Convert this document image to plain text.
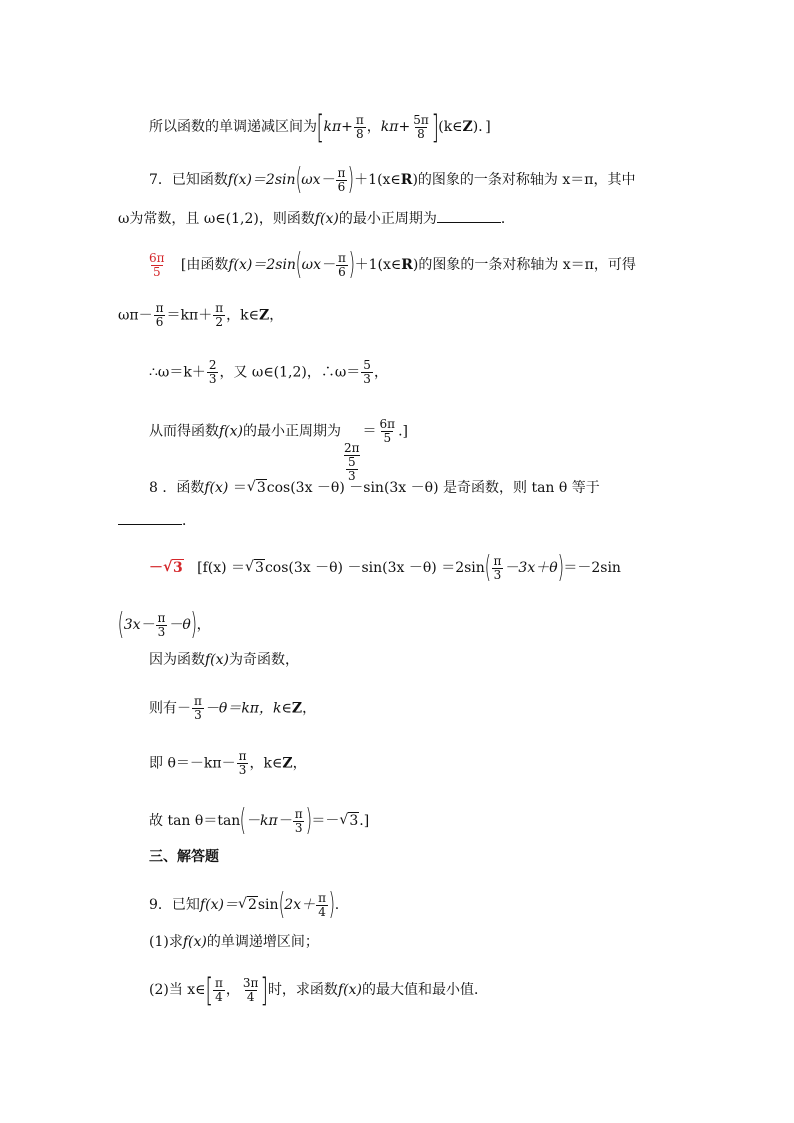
所以函数的单调递减区间为[$k\pi+ \frac{\pi}{8}$ ，$k\pi+ \frac{5\pi}{8}$ ](k∈Z)．]
7．已知函数$f(x)=2\sin(\omega x- \frac{\pi}{6}$ )＋1(x∈R)的图象的一条对称轴为 x＝π，其中
ω为常数，且 ω∈(1,2)，则函数f(x)的最小正周期为	．
$\frac{6\pi}{5}$ [由函数$f(x)=2\sin(\omega x- \frac{\pi}{6}$ )＋1(x∈R)的图象的一条对称轴为 x＝π，可得
$\omega\pi- \frac{\pi}{6} =k\pi+ \frac{\pi}{2}$ ，k∈Z，
∴ω＝k＋ $\frac{2}{3}$ ，又 ω∈(1,2)，∴ω＝ $\frac{5}{3}$ ，
从而得函数f(x)的最小正周期为
2π
5
3
＝ $\frac{6\pi}{5}$ .]
8 ．函数f(x) ＝ √ 3cos(3x －θ) －sin(3x －θ) 是奇函数，则 tan θ 等于
．
－ √ 3 [f(x) ＝ √ $3\cos(3x -\theta) -\sin(3x -\theta) =2\sin( \frac{\pi}{3} -3x+\theta)=-2\sin$
$(3x- \frac{\pi}{3} -\theta)$，
因为函数f(x)为奇函数，
则有－ $\frac{\pi}{3} -\theta=k\pi$，k∈Z，
即 $\theta=-k\pi- \frac{\pi}{3}$ ，k∈Z，
故 $\tan \theta=\tan(-k\pi- \frac{\pi}{3}$ )＝－ √ 3.]
三、解答题
9．已知f(x)＝ √ $2\sin(2x+ \frac{\pi}{4}$ ).
(1)求f(x)的单调递增区间；
(2)当 x∈[ $\frac{\pi}{4}$ ， $\frac{3\pi}{4}$ ]时，求函数f(x)的最大值和最小值．
